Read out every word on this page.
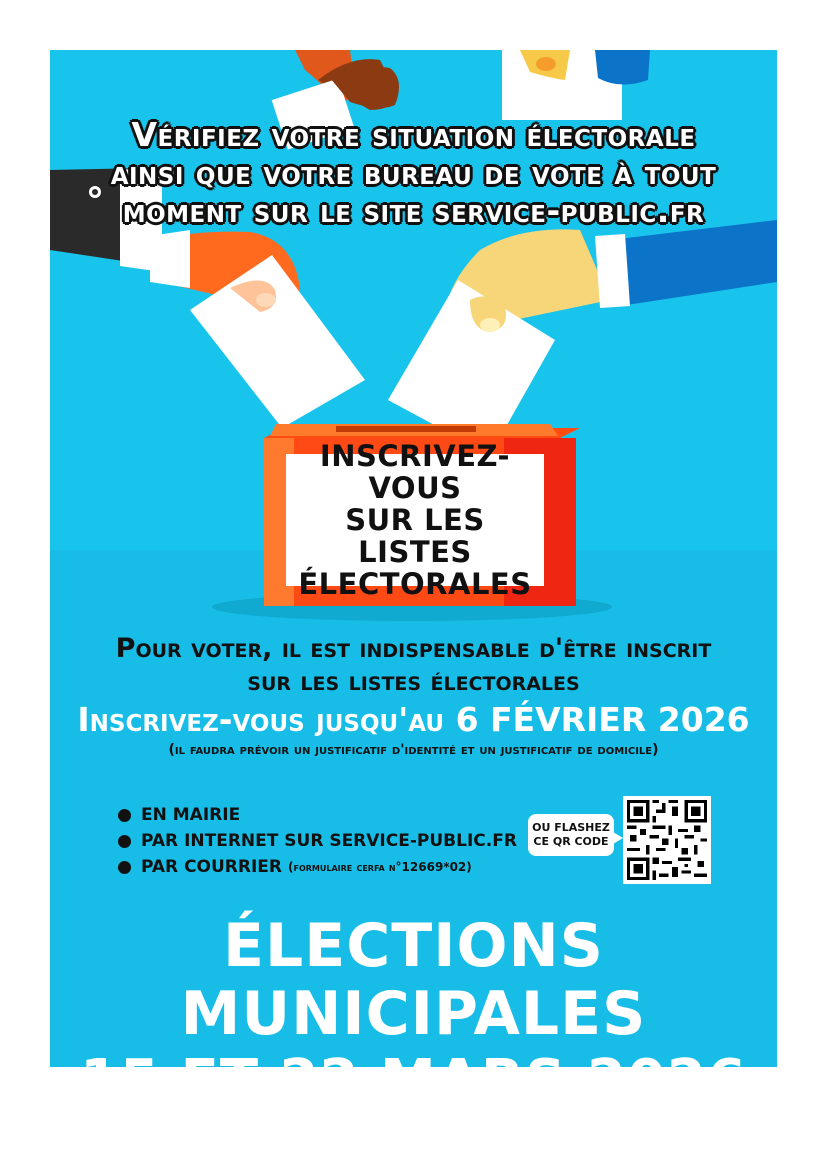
Vérifiez votre situation électorale
ainsi que votre bureau de vote à tout
moment sur le site service-public.fr
INSCRIVEZ-VOUS
SUR LES LISTES
ÉLECTORALES
Pour voter, il est indispensable d'être inscrit
sur les listes électorales
Inscrivez-vous jusqu'au 6 FÉVRIER 2026
(il faudra prévoir un justificatif d'identité et un justificatif de domicile)
EN MAIRIE
PAR INTERNET SUR SERVICE-PUBLIC.FR
PAR COURRIER (formulaire cerfa n°12669*02)
OU FLASHEZ
CE QR CODE
ÉLECTIONS MUNICIPALES
15 ET 22 MARS 2026
